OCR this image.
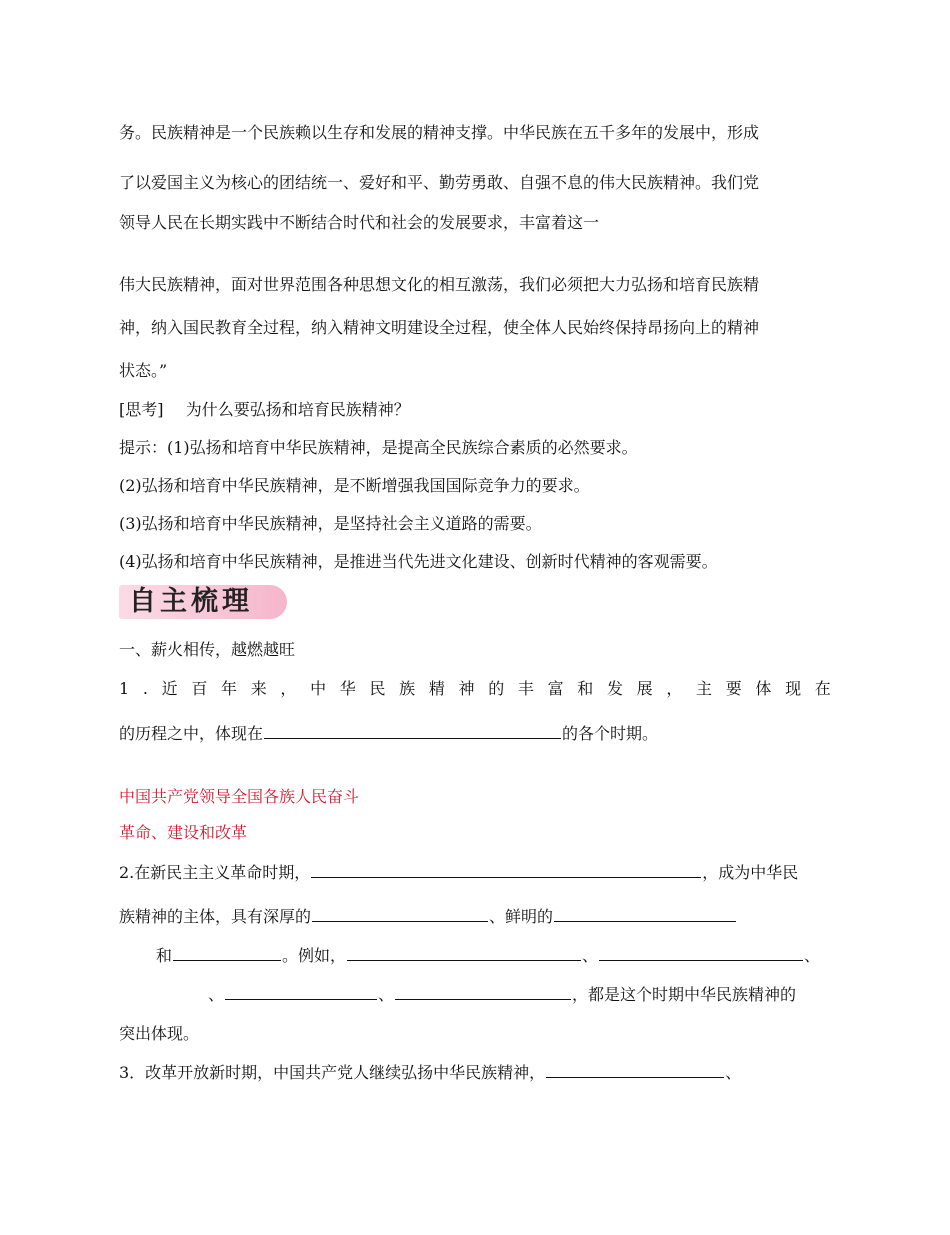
务。民族精神是一个民族赖以生存和发展的精神支撑。中华民族在五千多年的发展中，形成
了以爱国主义为核心的团结统一、爱好和平、勤劳勇敢、自强不息的伟大民族精神。我们党
领导人民在长期实践中不断结合时代和社会的发展要求，丰富着这一
伟大民族精神，面对世界范围各种思想文化的相互激荡，我们必须把大力弘扬和培育民族精
神，纳入国民教育全过程，纳入精神文明建设全过程，使全体人民始终保持昂扬向上的精神
状态。”
[思考] 为什么要弘扬和培育民族精神？
提示：(1)弘扬和培育中华民族精神，是提高全民族综合素质的必然要求。
(2)弘扬和培育中华民族精神，是不断增强我国国际竞争力的要求。
(3)弘扬和培育中华民族精神，是坚持社会主义道路的需要。
(4)弘扬和培育中华民族精神，是推进当代先进文化建设、创新时代精神的客观需要。
自主梳理
一、薪火相传，越燃越旺
1 . 近 百 年 来 ， 中 华 民 族 精 神 的 丰 富 和 发 展 ， 主 要 体 现 在
的历程之中，体现在	的各个时期。
中国共产党领导全国各族人民奋斗
革命、建设和改革
2.在新民主主义革命时期，	，成为中华民
族精神的主体，具有深厚的	、鲜明的
和	。例如，	、	、
、	、	，都是这个时期中华民族精神的
突出体现。
3．改革开放新时期，中国共产党人继续弘扬中华民族精神，	、
